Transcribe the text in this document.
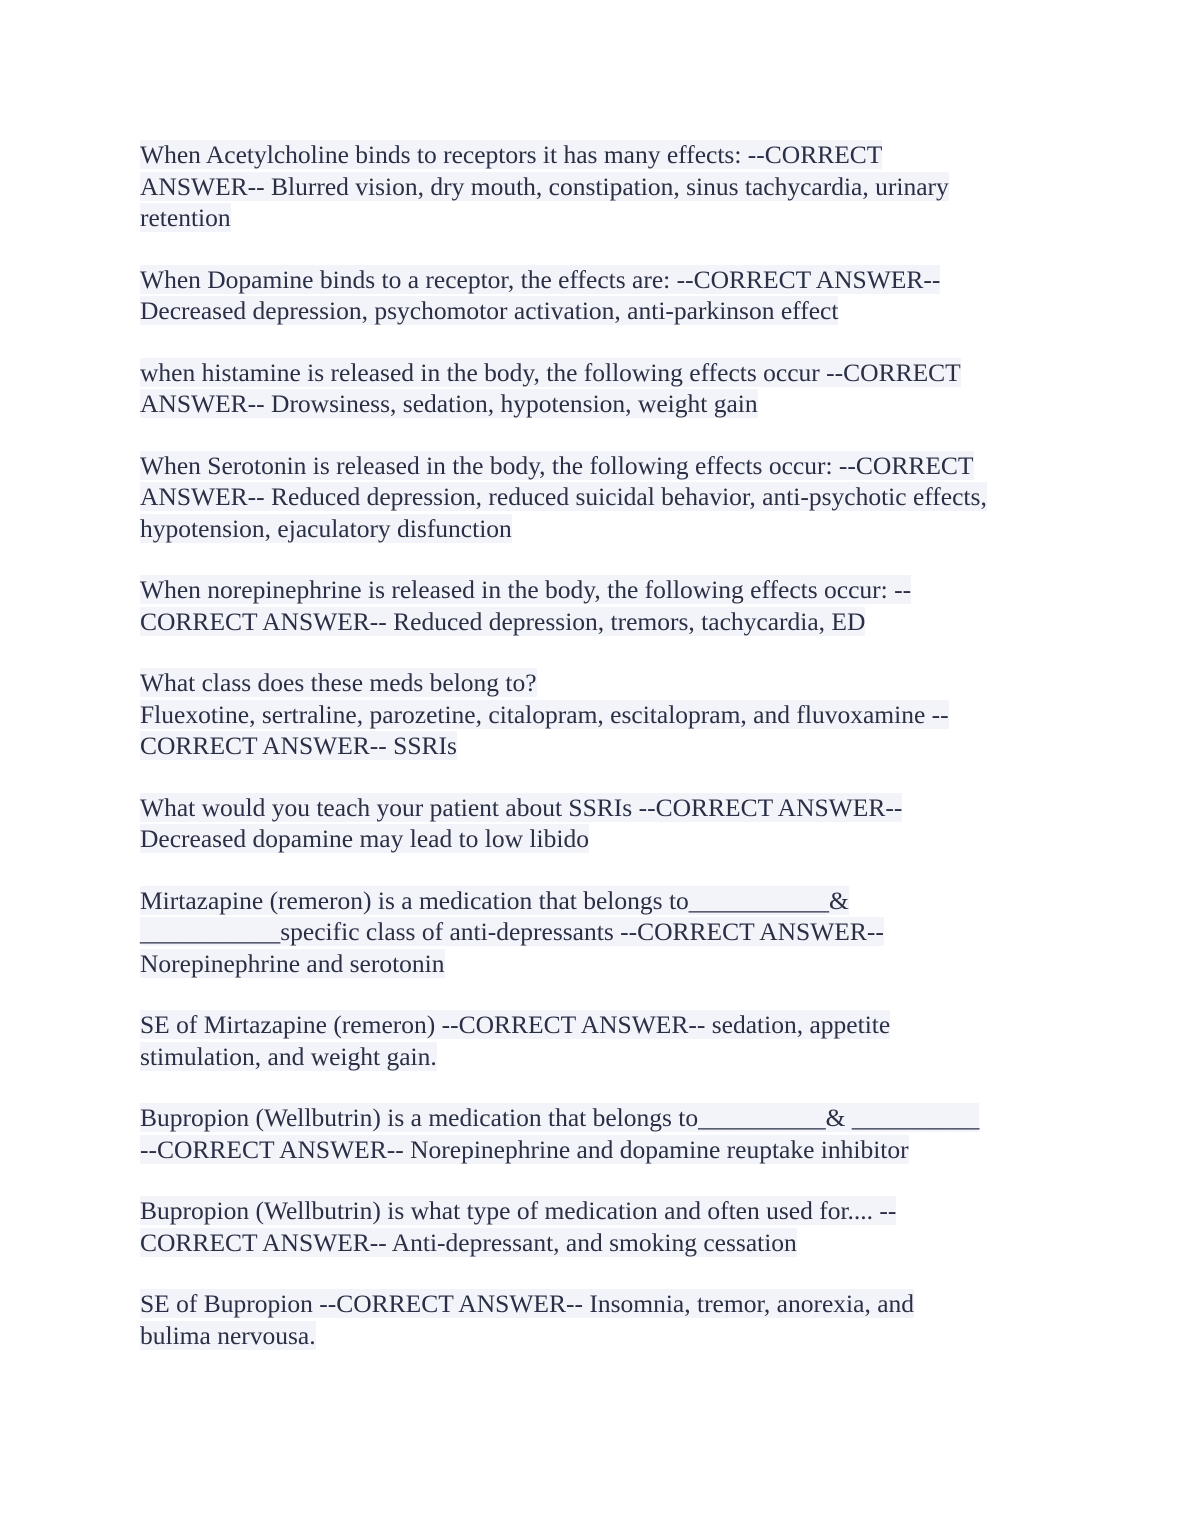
When Acetylcholine binds to receptors it has many effects: --CORRECT
ANSWER-- Blurred vision, dry mouth, constipation, sinus tachycardia, urinary
retention
When Dopamine binds to a receptor, the effects are: --CORRECT ANSWER--
Decreased depression, psychomotor activation, anti-parkinson effect
when histamine is released in the body, the following effects occur --CORRECT
ANSWER-- Drowsiness, sedation, hypotension, weight gain
When Serotonin is released in the body, the following effects occur: --CORRECT
ANSWER-- Reduced depression, reduced suicidal behavior, anti-psychotic effects,
hypotension, ejaculatory disfunction
When norepinephrine is released in the body, the following effects occur: --
CORRECT ANSWER-- Reduced depression, tremors, tachycardia, ED
What class does these meds belong to?
Fluexotine, sertraline, parozetine, citalopram, escitalopram, and fluvoxamine --
CORRECT ANSWER-- SSRIs
What would you teach your patient about SSRIs --CORRECT ANSWER--
Decreased dopamine may lead to low libido
Mirtazapine (remeron) is a medication that belongs to___________&
___________specific class of anti-depressants --CORRECT ANSWER--
Norepinephrine and serotonin
SE of Mirtazapine (remeron) --CORRECT ANSWER-- sedation, appetite
stimulation, and weight gain.
Bupropion (Wellbutrin) is a medication that belongs to__________& __________
--CORRECT ANSWER-- Norepinephrine and dopamine reuptake inhibitor
Bupropion (Wellbutrin) is what type of medication and often used for.... --
CORRECT ANSWER-- Anti-depressant, and smoking cessation
SE of Bupropion --CORRECT ANSWER-- Insomnia, tremor, anorexia, and
bulima nervousa.
